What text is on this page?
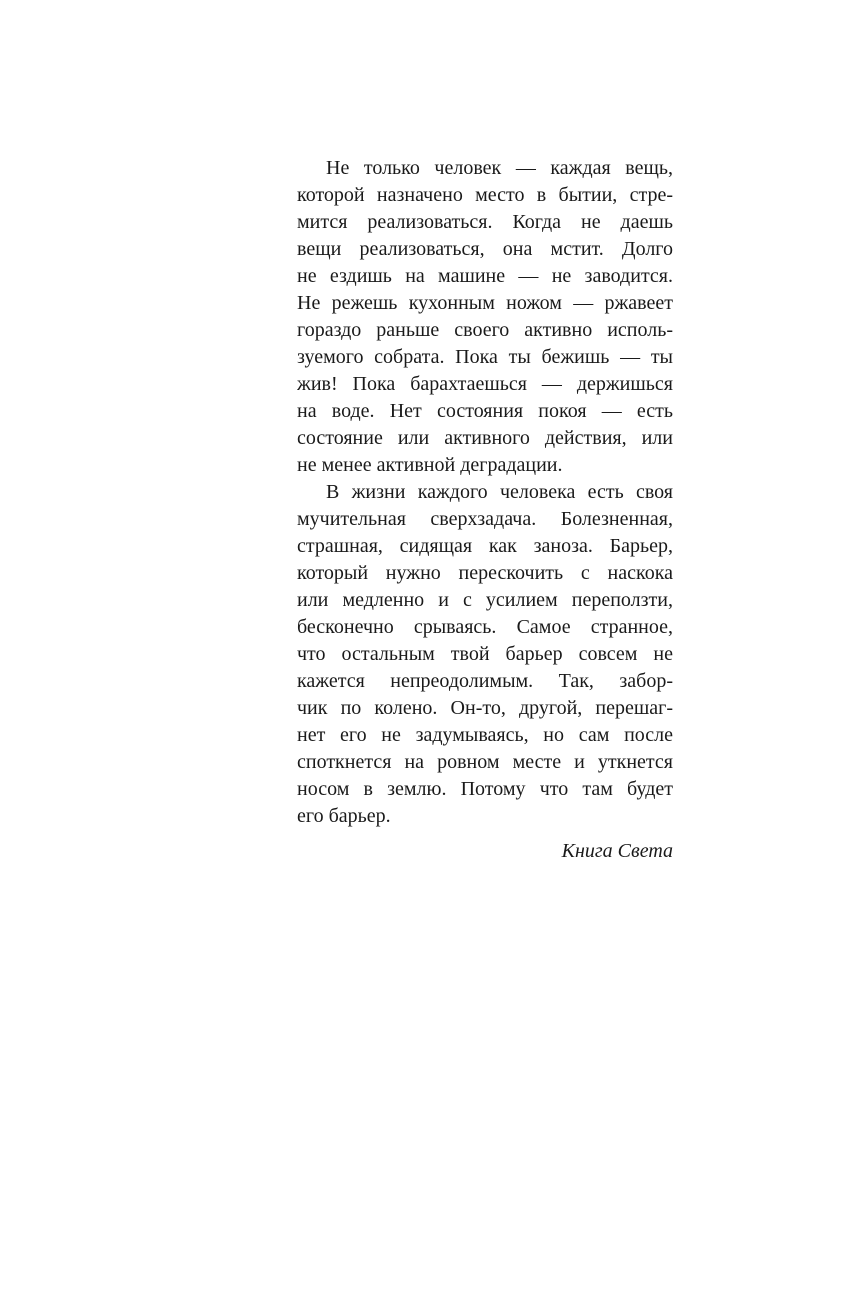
Не только человек — каждая вещь,
которой назначено место в бытии, стре-
мится реализоваться. Когда не даешь
вещи реализоваться, она мстит. Долго
не ездишь на машине — не заводится.
Не режешь кухонным ножом — ржавеет
гораздо раньше своего активно исполь-
зуемого собрата. Пока ты бежишь — ты
жив! Пока барахтаешься — держишься
на воде. Нет состояния покоя — есть
состояние или активного действия, или
не менее активной деградации.
В жизни каждого человека есть своя
мучительная сверхзадача. Болезненная,
страшная, сидящая как заноза. Барьер,
который нужно перескочить с наскока
или медленно и с усилием переползти,
бесконечно срываясь. Самое странное,
что остальным твой барьер совсем не
кажется непреодолимым. Так, забор-
чик по колено. Он-то, другой, перешаг-
нет его не задумываясь, но сам после
споткнется на ровном месте и уткнется
носом в землю. Потому что там будет
его барьер.
Книга Света
